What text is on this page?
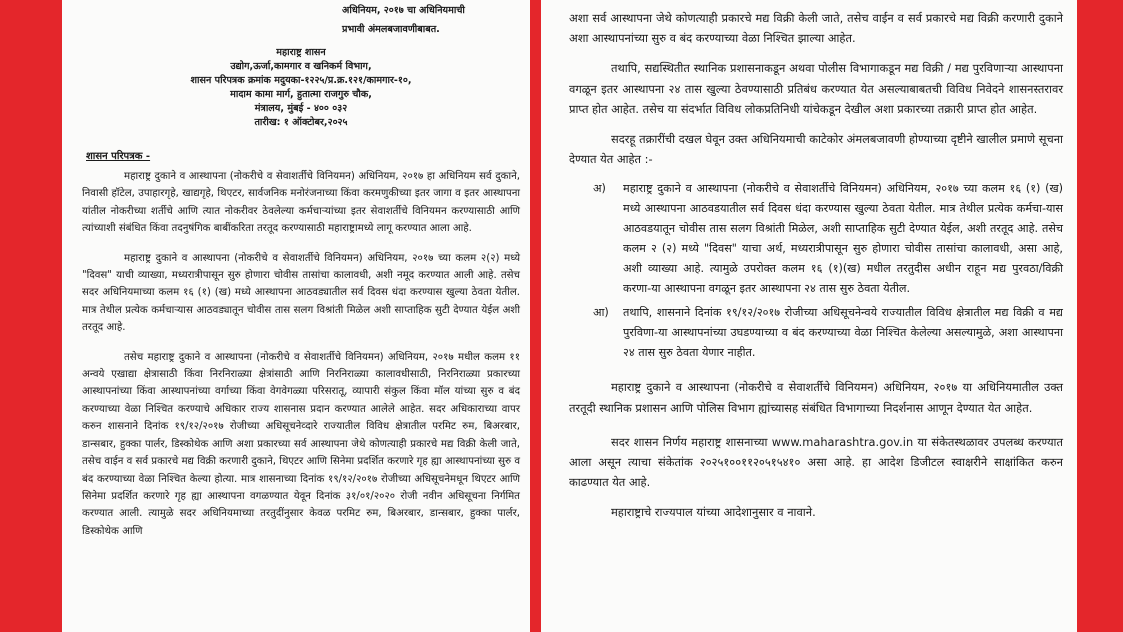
अधिनियम, २०१७ चा अधिनियमाची
प्रभावी अंमलबजावणीबाबत.
महाराष्ट्र शासन
उद्योग,ऊर्जा,कामगार व खनिकर्म विभाग,
शासन परिपत्रक क्रमांक मदुयका-१२२५/प्र.क्र.१२१/कामगार-१०,
मादाम कामा मार्ग, हुतात्मा राजगुरु चौक,
मंत्रालय, मुंबई - ४०० ०३२
तारीख: १ ऑक्टोबर,२०२५
शासन परिपत्रक -

महाराष्ट्र दुकाने व आस्थापना (नोकरीचे व सेवाशर्तीचे विनियमन) अधिनियम, २०१७ हा अधिनियम सर्व दुकाने, निवासी हॉटेल, उपाहारगृहे, खाद्यगृहे, थिएटर, सार्वजनिक मनोरंजनाच्या किंवा करमणुकीच्या इतर जागा व इतर आस्थापना यांतील नोकरीच्या शर्तीचे आणि त्यात नोकरीवर ठेवलेल्या कर्मचाऱ्यांच्या इतर सेवाशर्तीचे विनियमन करण्यासाठी आणि त्यांच्याशी संबंधित किंवा तदनुषंगिक बाबींकरिता तरतूद करण्यासाठी महाराष्ट्रामध्ये लागू करण्यात आला आहे.

महाराष्ट्र दुकाने व आस्थापना (नोकरीचे व सेवाशर्तीचे विनियमन) अधिनियम, २०१७ च्या कलम २(२) मध्ये "दिवस" याची व्याख्या, मध्यरात्रीपासून सुरु होणारा चोवीस तासांचा कालावधी, अशी नमूद करण्यात आली आहे. तसेच सदर अधिनियमाच्या कलम १६ (१) (ख) मध्ये आस्थापना आठवड्यातील सर्व दिवस धंदा करण्यास खुल्या ठेवता येतील. मात्र तेथील प्रत्येक कर्मचाऱ्यास आठवड्यातून चोवीस तास सलग विश्रांती मिळेल अशी साप्ताहिक सुटी देण्यात येईल अशी तरतूद आहे.

तसेच महाराष्ट्र दुकाने व आस्थापना (नोकरीचे व सेवाशर्तीचे विनियमन) अधिनियम, २०१७ मधील कलम ११ अन्वये एखाद्या क्षेत्रासाठी किंवा निरनिराळ्या क्षेत्रांसाठी आणि निरनिराळ्या कालावधीसाठी, निरनिराळ्या प्रकारच्या आस्थापनांच्या किंवा आस्थापनांच्या वर्गाच्या किंवा वेगवेगळ्या परिसरातू, व्यापारी संकुल किंवा मॉल यांच्या सुरु व बंद करण्याच्या वेळा निश्चित करण्याचे अधिकार राज्य शासनास प्रदान करण्यात आलेले आहेत. सदर अधिकाराच्या वापर करुन शासनाने दिनांक १९/१२/२०१७ रोजीच्या अधिसूचनेव्दारे राज्यातील विविध क्षेत्रातील परमिट रुम, बिअरबार, डान्सबार, हुक्का पार्लर, डिस्कोथेक आणि अशा प्रकारच्या सर्व आस्थापना जेथे कोणत्याही प्रकारचे मद्य विक्री केली जाते, तसेच वाईन व सर्व प्रकारचे मद्य विक्री करणारी दुकाने, थिएटर आणि सिनेमा प्रदर्शित करणारे गृह ह्या आस्थापनांच्या सुरु व बंद करण्याच्या वेळा निश्चित केल्या होत्या. मात्र शासनाच्या दिनांक १९/१२/२०१७ रोजीच्या अधिसूचनेमधून थिएटर आणि सिनेमा प्रदर्शित करणारे गृह ह्या आस्थापना वगळण्यात येवून दिनांक ३१/०१/२०२० रोजी नवीन अधिसूचना निर्गमित करण्यात आली. त्यामुळे सदर अधिनियमाच्या तरतुदींनुसार केवळ परमिट रुम, बिअरबार, डान्सबार, हुक्का पार्लर, डिस्कोथेक आणि

अशा सर्व आस्थापना जेथे कोणत्याही प्रकारचे मद्य विक्री केली जाते, तसेच वाईन व सर्व प्रकारचे मद्य विक्री करणारी दुकाने अशा आस्थापनांच्या सुरु व बंद करण्याच्या वेळा निश्चित झाल्या आहेत.

तथापि, सद्यस्थितीत स्थानिक प्रशासनाकडून अथवा पोलीस विभागाकडून मद्य विक्री / मद्य पुरविणाऱ्या आस्थापना वगळून इतर आस्थापना २४ तास खुल्या ठेवण्यासाठी प्रतिबंध करण्यात येत असल्याबाबतची विविध निवेदने शासनस्तरावर प्राप्त होत आहेत. तसेच या संदर्भात विविध लोकप्रतिनिधी यांचेकडून देखील अशा प्रकारच्या तक्रारी प्राप्त होत आहेत.

सदरहू तक्रारींची दखल घेवून उक्त अधिनियमाची काटेकोर अंमलबजावणी होण्याच्या दृष्टीने खालील प्रमाणे सूचना देण्यात येत आहेत :-

अ)	महाराष्ट्र दुकाने व आस्थापना (नोकरीचे व सेवाशर्तीचे विनियमन) अधिनियम, २०१७ च्या कलम १६ (१) (ख) मध्ये आस्थापना आठवडयातील सर्व दिवस धंदा करण्यास खुल्या ठेवता येतील. मात्र तेथील प्रत्येक कर्मचा-यास आठवडयातून चोवीस तास सलग विश्रांती मिळेल, अशी साप्ताहिक सुटी देण्यात येईल, अशी तरतूद आहे. तसेच कलम २ (२) मध्ये "दिवस" याचा अर्थ, मध्यरात्रीपासून सुरु होणारा चोवीस तासांचा कालावधी, असा आहे, अशी व्याख्या आहे. त्यामुळे उपरोक्त कलम १६ (१)(ख) मधील तरतुदीस अधीन राहून मद्य पुरवठा/विक्री करणा-या आस्थापना वगळून इतर आस्थापना २४ तास सुरु ठेवता येतील.
आ)	तथापि, शासनाने दिनांक १९/१२/२०१७ रोजीच्या अधिसूचनेन्वये राज्यातील विविध क्षेत्रातील मद्य विक्री व मद्य पुरविणा-या आस्थापनांच्या उघडण्याच्या व बंद करण्याच्या वेळा निश्चित केलेल्या असल्यामुळे, अशा आस्थापना २४ तास सुरु ठेवता येणार नाहीत.

महाराष्ट्र दुकाने व आस्थापना (नोकरीचे व सेवाशर्तीचे विनियमन) अधिनियम, २०१७ या अधिनियमातील उक्त तरतूदी स्थानिक प्रशासन आणि पोलिस विभाग ह्यांच्यासह संबंधित विभागाच्या निदर्शनास आणून देण्यात येत आहेत.

सदर शासन निर्णय महाराष्ट्र शासनाच्या www.maharashtra.gov.in या संकेतस्थळावर उपलब्ध करण्यात आला असून त्याचा संकेतांक २०२५१००११२०५१५४१० असा आहे. हा आदेश डिजीटल स्वाक्षरीने साक्षांकित करुन काढण्यात येत आहे.

महाराष्ट्राचे राज्यपाल यांच्या आदेशानुसार व नावाने.
